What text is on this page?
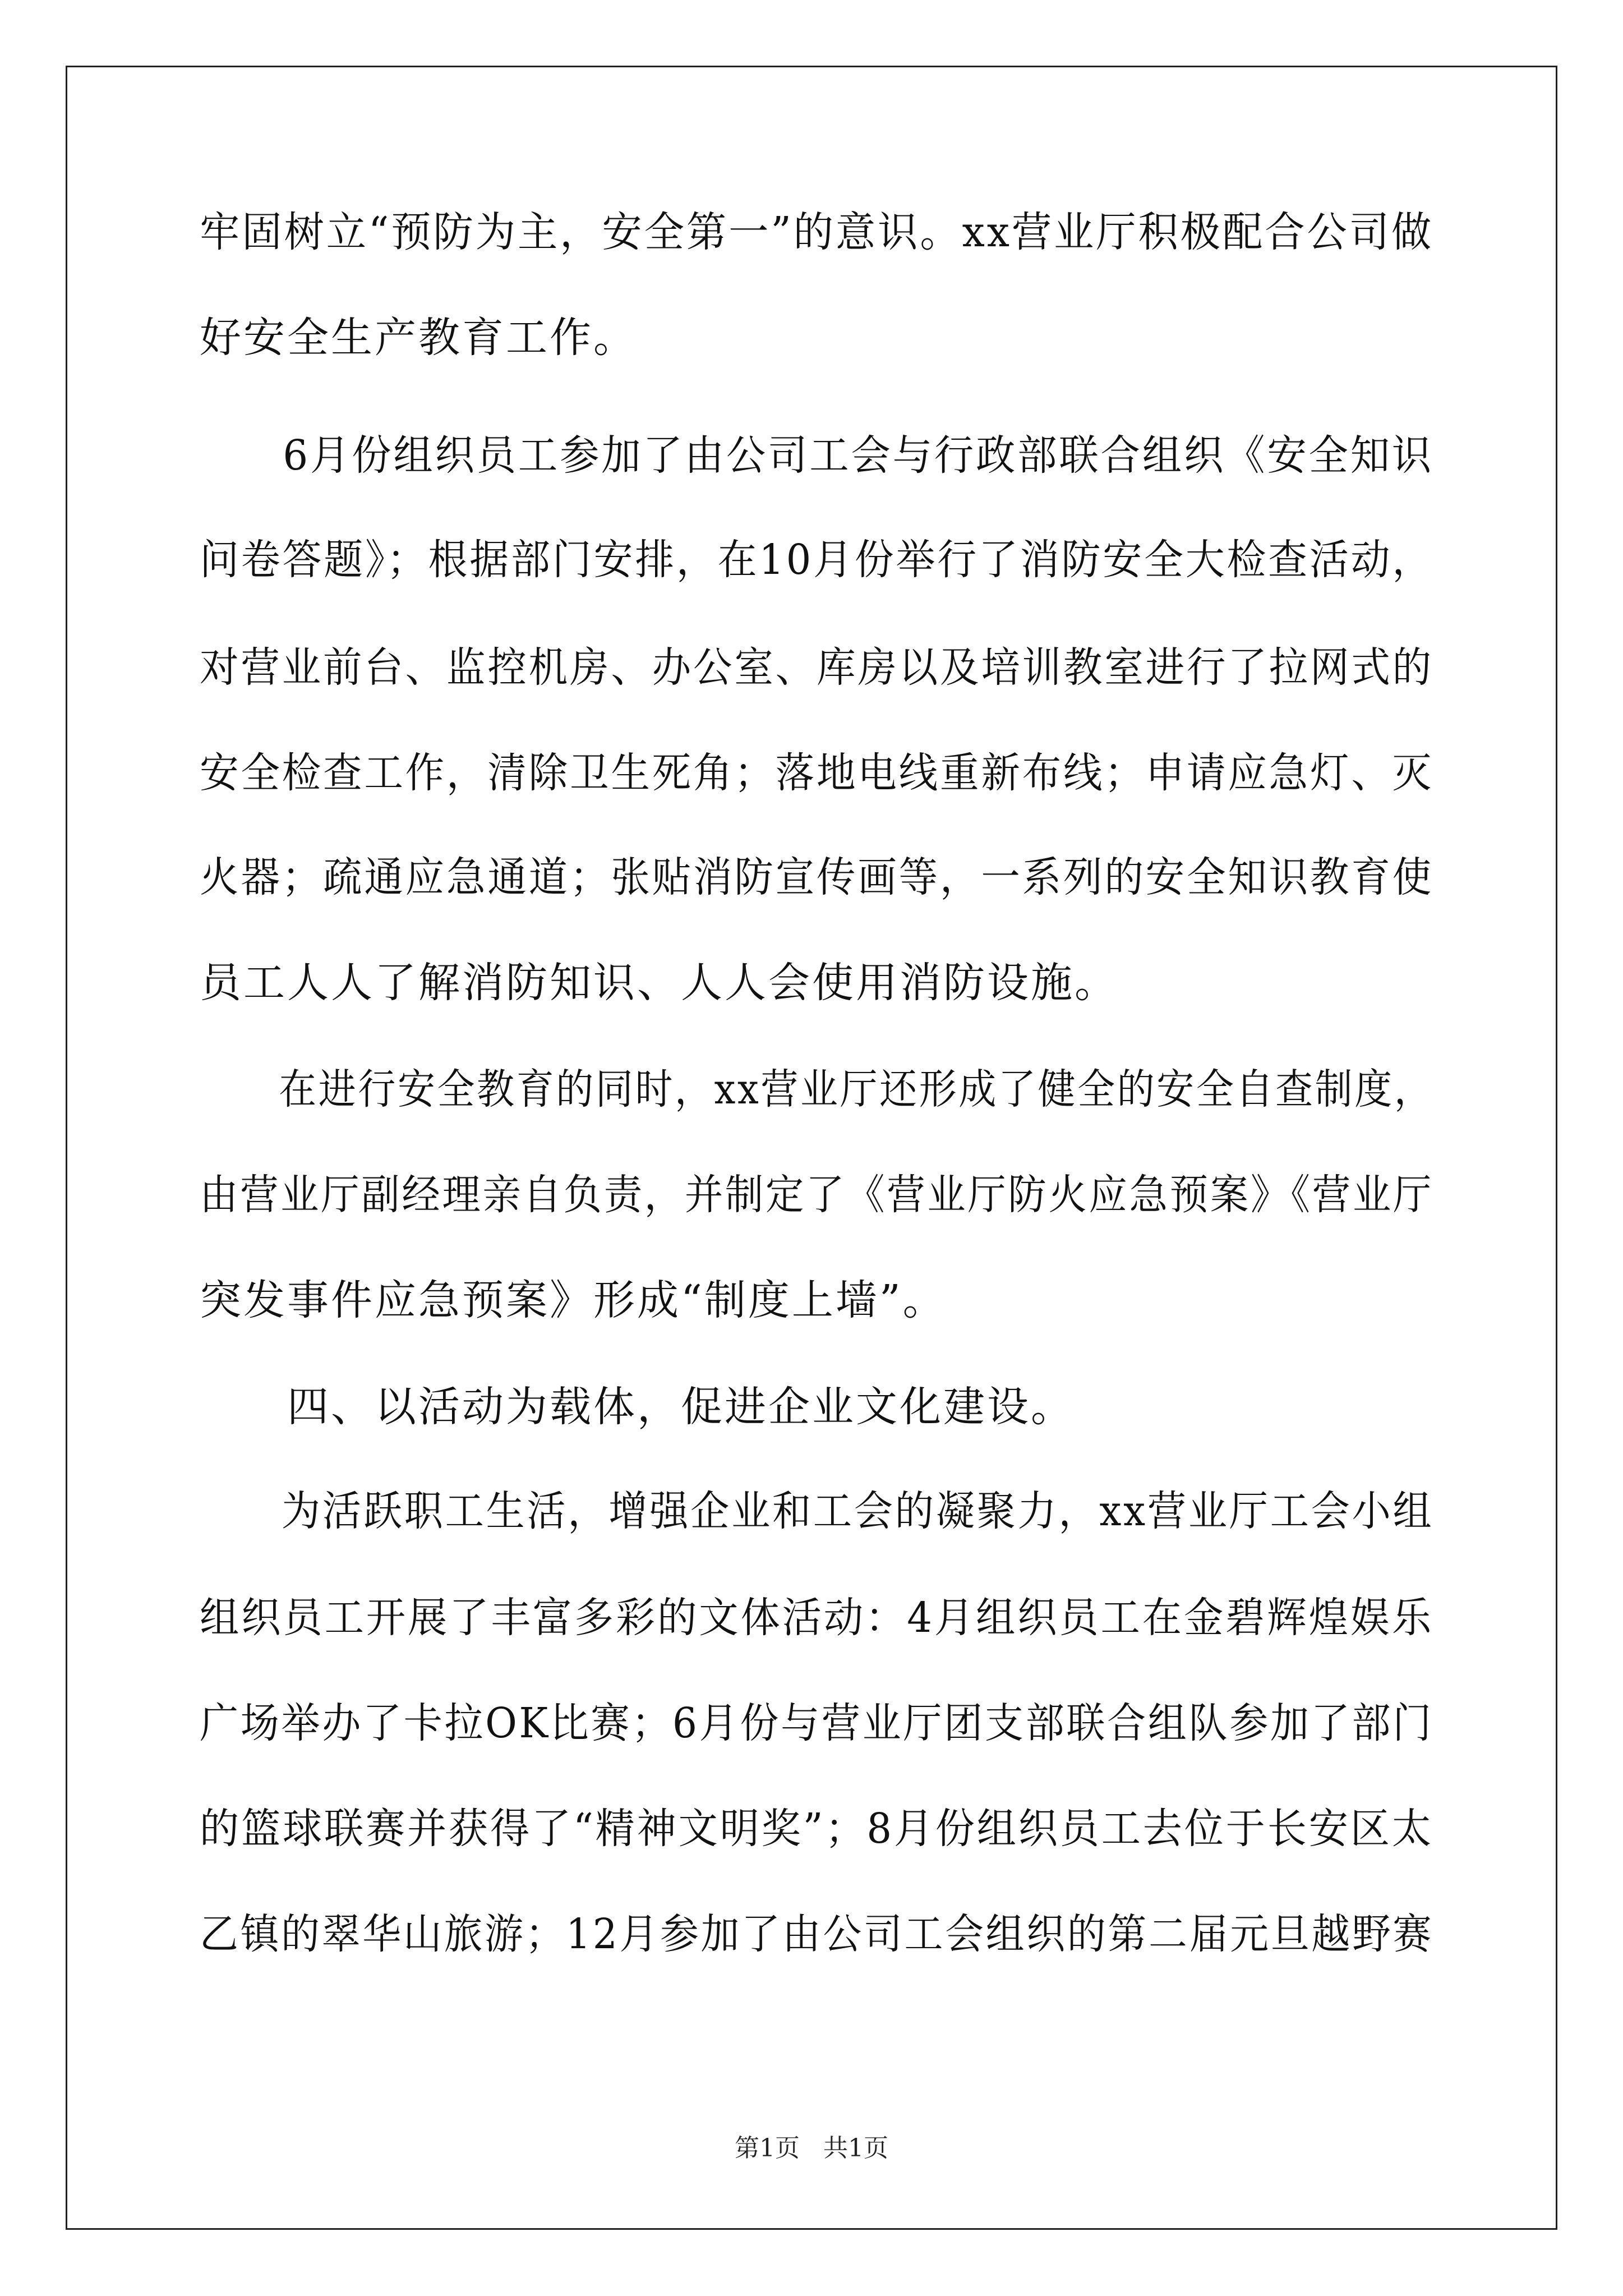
牢固树立“预防为主，安全第一”的意识。xx营业厅积极配合公司做
好安全生产教育工作。
　　6月份组织员工参加了由公司工会与行政部联合组织《安全知识
问卷答题》；根据部门安排，在10月份举行了消防安全大检查活动，
对营业前台、监控机房、办公室、库房以及培训教室进行了拉网式的
安全检查工作，清除卫生死角；落地电线重新布线；申请应急灯、灭
火器；疏通应急通道；张贴消防宣传画等，一系列的安全知识教育使
员工人人了解消防知识、人人会使用消防设施。
　　在进行安全教育的同时，xx营业厅还形成了健全的安全自查制度，
由营业厅副经理亲自负责，并制定了《营业厅防火应急预案》《营业厅
突发事件应急预案》形成“制度上墙”。
　　四、以活动为载体，促进企业文化建设。
　　为活跃职工生活，增强企业和工会的凝聚力，xx营业厅工会小组
组织员工开展了丰富多彩的文体活动：4月组织员工在金碧辉煌娱乐
广场举办了卡拉OK比赛；6月份与营业厅团支部联合组队参加了部门
的篮球联赛并获得了“精神文明奖”；8月份组织员工去位于长安区太
乙镇的翠华山旅游；12月参加了由公司工会组织的第二届元旦越野赛
第1页   共1页
